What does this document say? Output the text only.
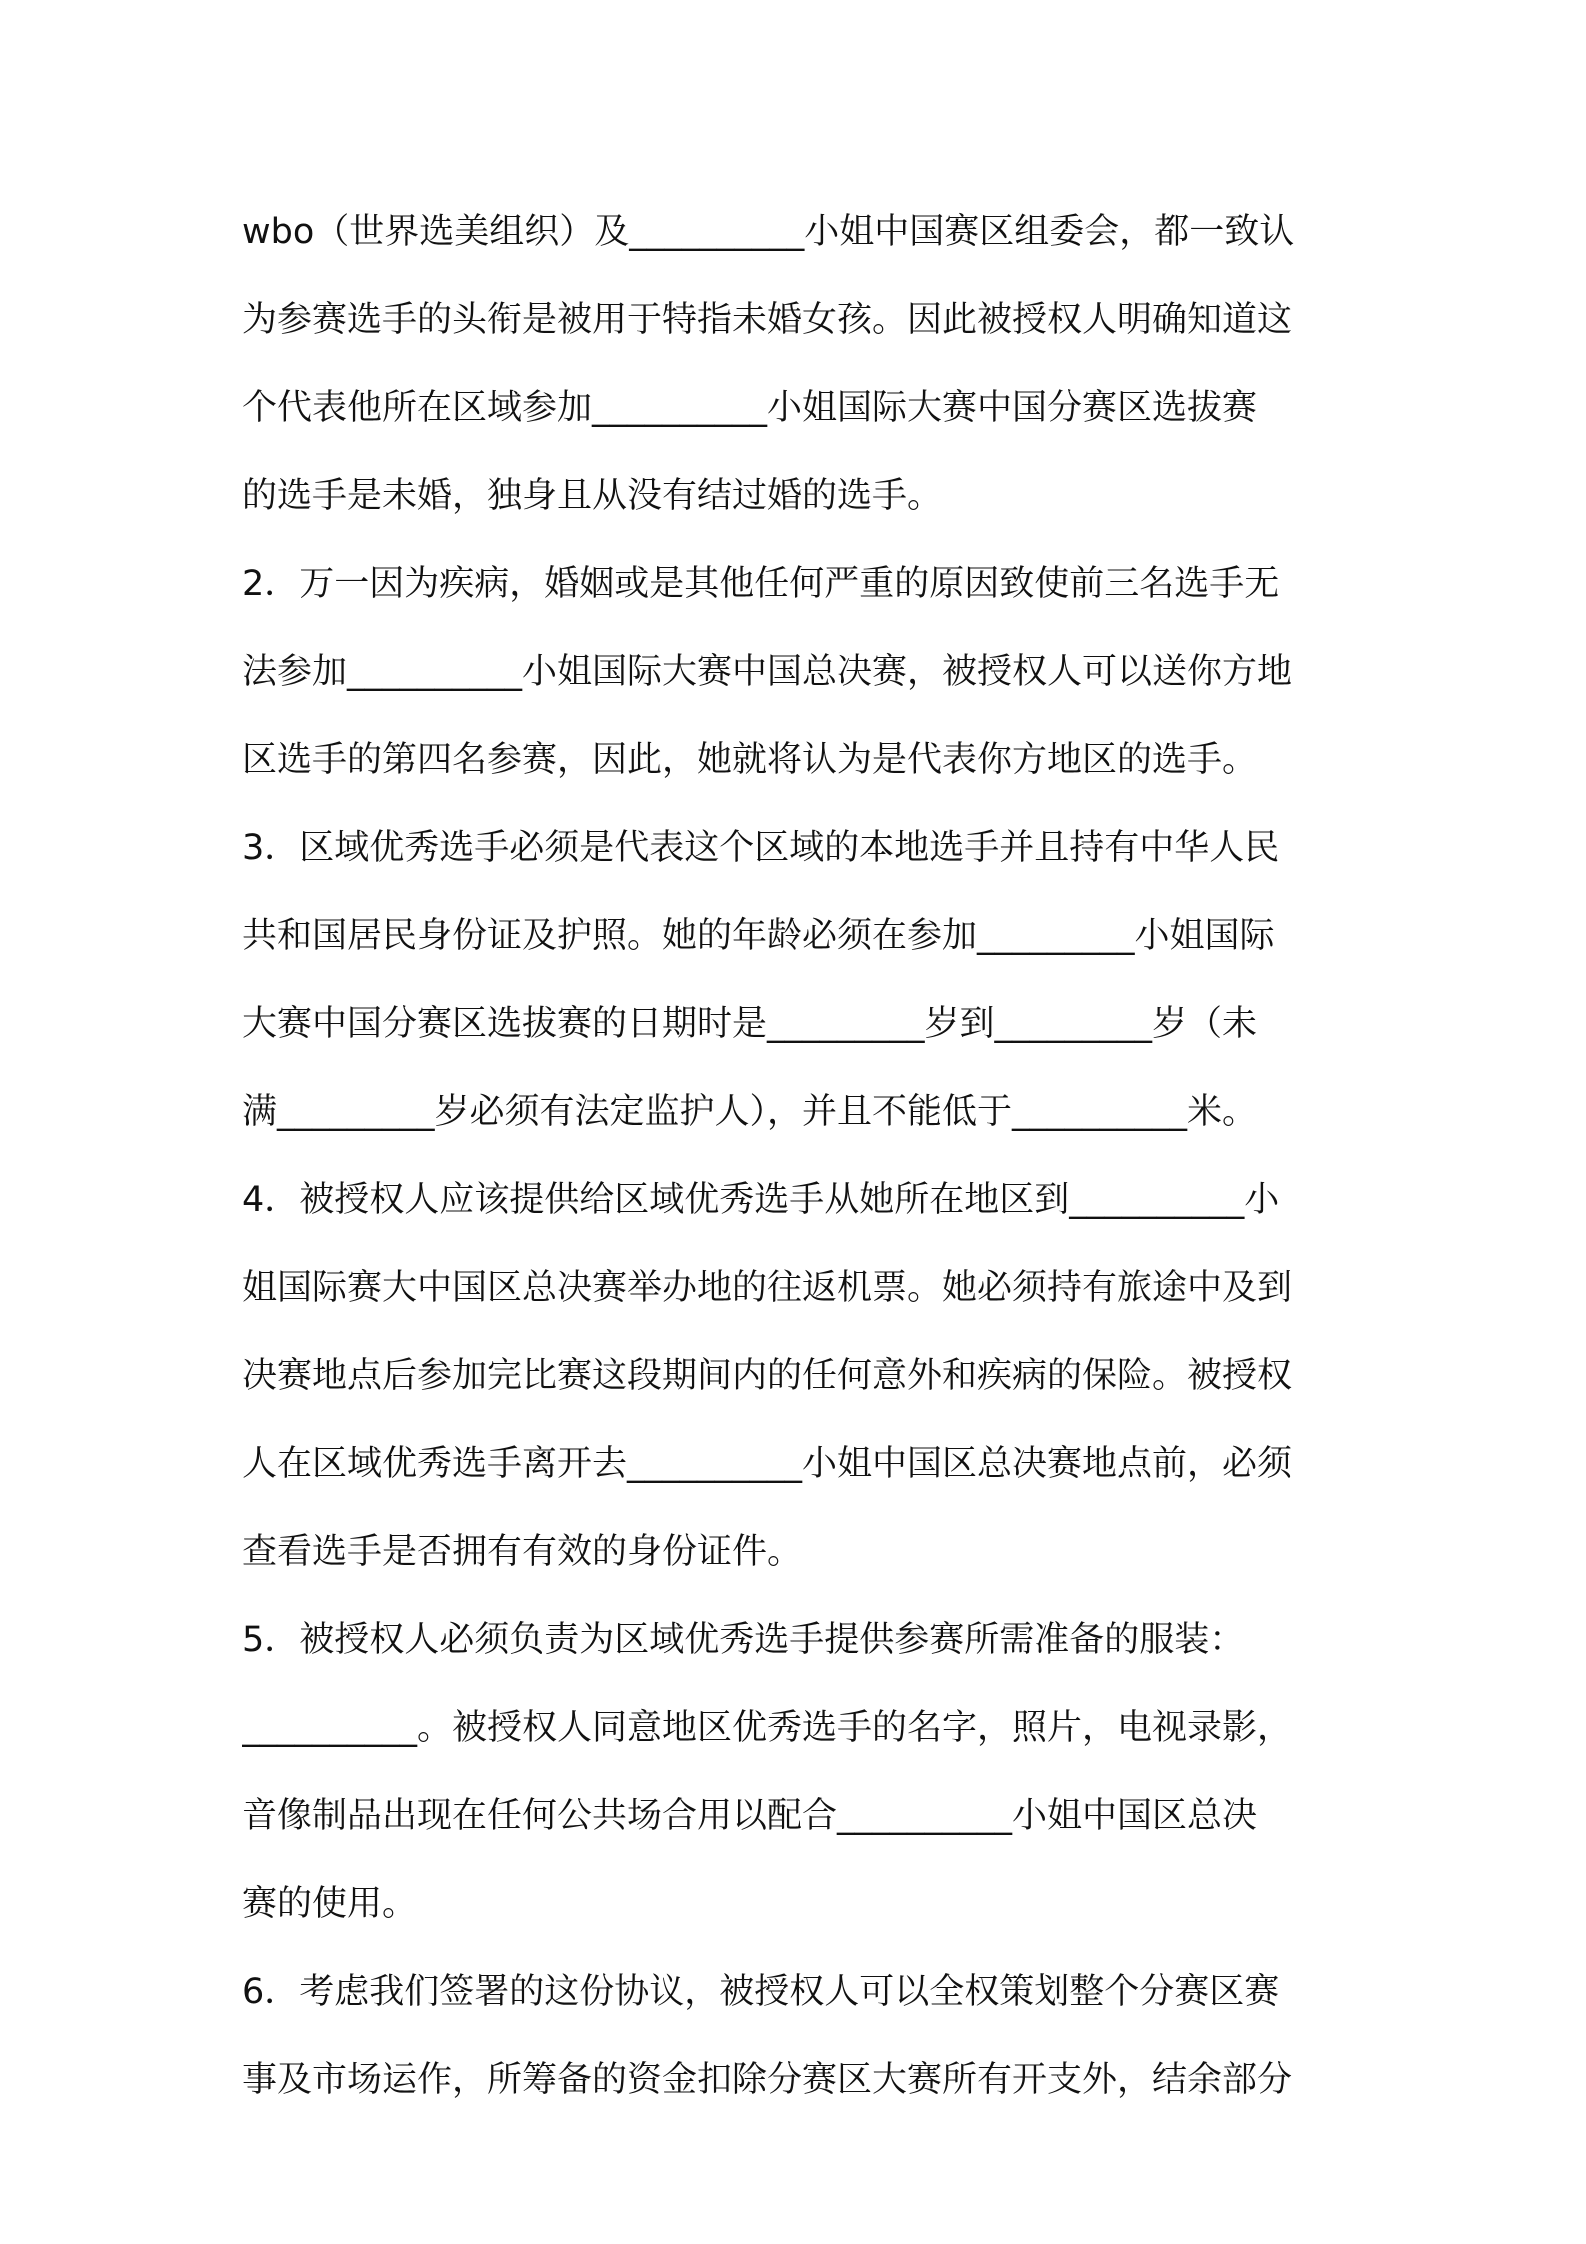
wbo（世界选美组织）及__________小姐中国赛区组委会，都一致认
为参赛选手的头衔是被用于特指未婚女孩。因此被授权人明确知道这
个代表他所在区域参加__________小姐国际大赛中国分赛区选拔赛
的选手是未婚，独身且从没有结过婚的选手。
2．万一因为疾病，婚姻或是其他任何严重的原因致使前三名选手无
法参加__________小姐国际大赛中国总决赛，被授权人可以送你方地
区选手的第四名参赛，因此，她就将认为是代表你方地区的选手。
3．区域优秀选手必须是代表这个区域的本地选手并且持有中华人民
共和国居民身份证及护照。她的年龄必须在参加_________小姐国际
大赛中国分赛区选拔赛的日期时是_________岁到_________岁（未
满_________岁必须有法定监护人），并且不能低于__________米。
4．被授权人应该提供给区域优秀选手从她所在地区到__________小
姐国际赛大中国区总决赛举办地的往返机票。她必须持有旅途中及到
决赛地点后参加完比赛这段期间内的任何意外和疾病的保险。被授权
人在区域优秀选手离开去__________小姐中国区总决赛地点前，必须
查看选手是否拥有有效的身份证件。
5．被授权人必须负责为区域优秀选手提供参赛所需准备的服装：
__________。被授权人同意地区优秀选手的名字，照片，电视录影，
音像制品出现在任何公共场合用以配合__________小姐中国区总决
赛的使用。
6．考虑我们签署的这份协议，被授权人可以全权策划整个分赛区赛
事及市场运作，所筹备的资金扣除分赛区大赛所有开支外，结余部分
